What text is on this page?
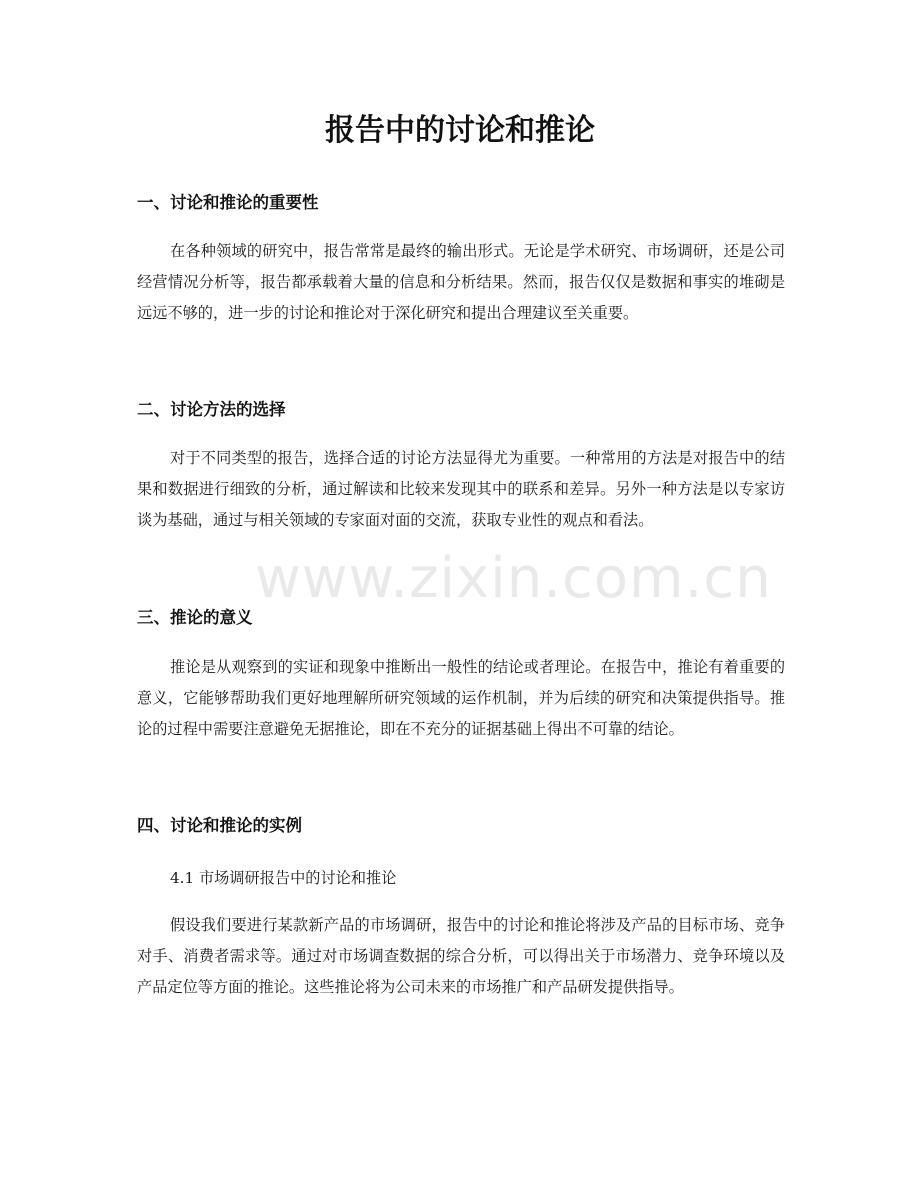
报告中的讨论和推论
一、讨论和推论的重要性

在各种领域的研究中，报告常常是最终的输出形式。无论是学术研究、市场调研，还是公司经营情况分析等，报告都承载着大量的信息和分析结果。然而，报告仅仅是数据和事实的堆砌是远远不够的，进一步的讨论和推论对于深化研究和提出合理建议至关重要。

二、讨论方法的选择

对于不同类型的报告，选择合适的讨论方法显得尤为重要。一种常用的方法是对报告中的结果和数据进行细致的分析，通过解读和比较来发现其中的联系和差异。另外一种方法是以专家访谈为基础，通过与相关领域的专家面对面的交流，获取专业性的观点和看法。

三、推论的意义

推论是从观察到的实证和现象中推断出一般性的结论或者理论。在报告中，推论有着重要的意义，它能够帮助我们更好地理解所研究领域的运作机制，并为后续的研究和决策提供指导。推论的过程中需要注意避免无据推论，即在不充分的证据基础上得出不可靠的结论。

四、讨论和推论的实例

4.1 市场调研报告中的讨论和推论

假设我们要进行某款新产品的市场调研，报告中的讨论和推论将涉及产品的目标市场、竞争对手、消费者需求等。通过对市场调查数据的综合分析，可以得出关于市场潜力、竞争环境以及产品定位等方面的推论。这些推论将为公司未来的市场推广和产品研发提供指导。

www.zixin.com.cn
